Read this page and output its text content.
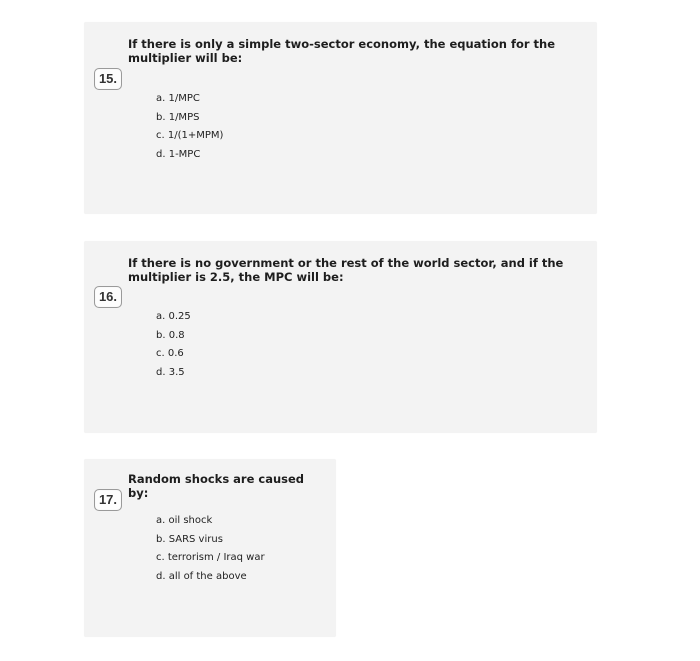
15.
If there is only a simple two-sector economy, the equation for the multiplier will be:
a. 1/MPC
b. 1/MPS
c. 1/(1+MPM)
d. 1-MPC
16.
If there is no government or the rest of the world sector, and if the multiplier is 2.5, the MPC will be:
a. 0.25
b. 0.8
c. 0.6
d. 3.5
17.
Random shocks are caused by:
a. oil shock
b. SARS virus
c. terrorism / Iraq war
d. all of the above
